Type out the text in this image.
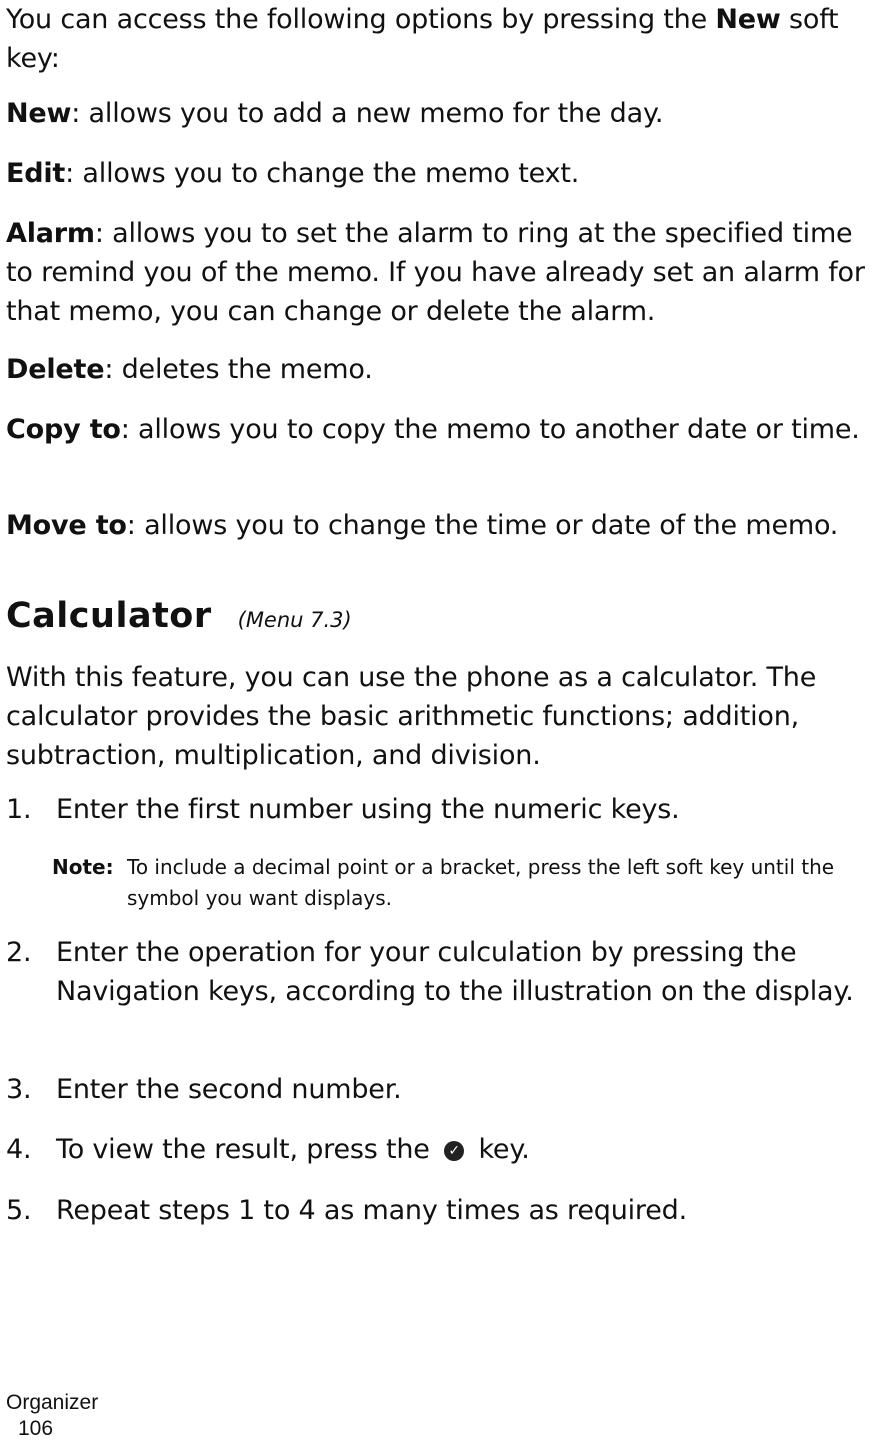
You can access the following options by pressing the New soft key:

New: allows you to add a new memo for the day.

Edit: allows you to change the memo text.

Alarm: allows you to set the alarm to ring at the specified time to remind you of the memo. If you have already set an alarm for that memo, you can change or delete the alarm.

Delete: deletes the memo.

Copy to: allows you to copy the memo to another date or time.

Move to: allows you to change the time or date of the memo.

Calculator (Menu 7.3)

With this feature, you can use the phone as a calculator. The calculator provides the basic arithmetic functions; addition, subtraction, multiplication, and division.

1. Enter the first number using the numeric keys.
Note: To include a decimal point or a bracket, press the left soft key until the symbol you want displays.
2. Enter the operation for your culculation by pressing the Navigation keys, according to the illustration on the display.
3. Enter the second number.
4. To view the result, press the ✓ key.
5. Repeat steps 1 to 4 as many times as required.
Organizer
106
